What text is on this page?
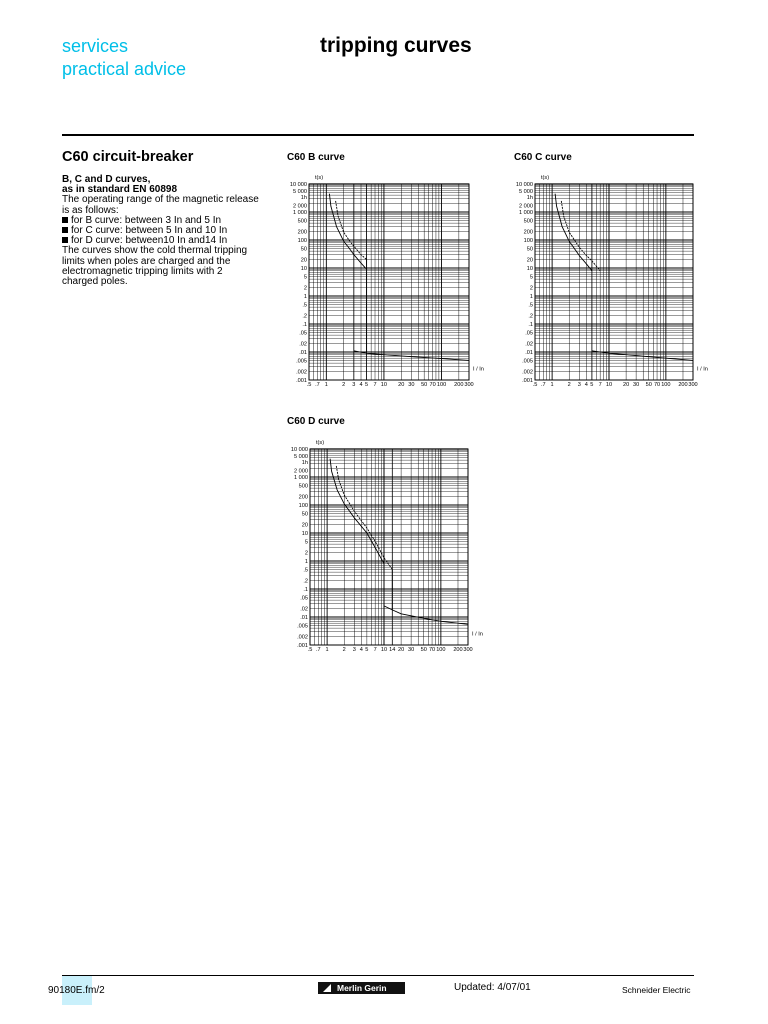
services
practical advice
tripping curves
C60 circuit-breaker
B, C and D curves,
as in standard EN 60898
The operating range of the magnetic release
is as follows:
for B curve: between 3 In and 5 In
for C curve: between 5 In and 10 In
for D curve: between10 In and14 In
The curves show the cold thermal tripping
limits when poles are charged and the
electromagnetic tripping limits with 2
charged poles.
C60 B curve
10 000
5 000
1h
2 000
1 000
500
200
100
50
20
10
5
2
1
.5
.2
.1
.05
.02
.01
.005
.002
.001
.5 .7 1	2 3 4 5 7 10 20 30 50 70 100 200 300
t(s)
I / In
C60 C curve
10 000
5 000
1h
2 000
1 000
500
200
100
50
20
10
5
2
1
.5
.2
.1
.05
.02
.01
.005
.002
.001
.5 .7 1 2 3 4 5 7 10 20 30 50 70 100 200 300
t(s)
I / In
C60 D curve
10 000
5 000
1h
2 000
1 000
500
200
100
50
20
10
5
2
1
.5
.2
.1
.05
.02
.01
.005
.002
.001
.5 .7 1 2 3 4 5 7 10 14 20 30 50 70 100 200 300
t(s)
I / In
90180E.fm/2	Merlin Gerin	Updated: 4/07/01	Schneider Electric
